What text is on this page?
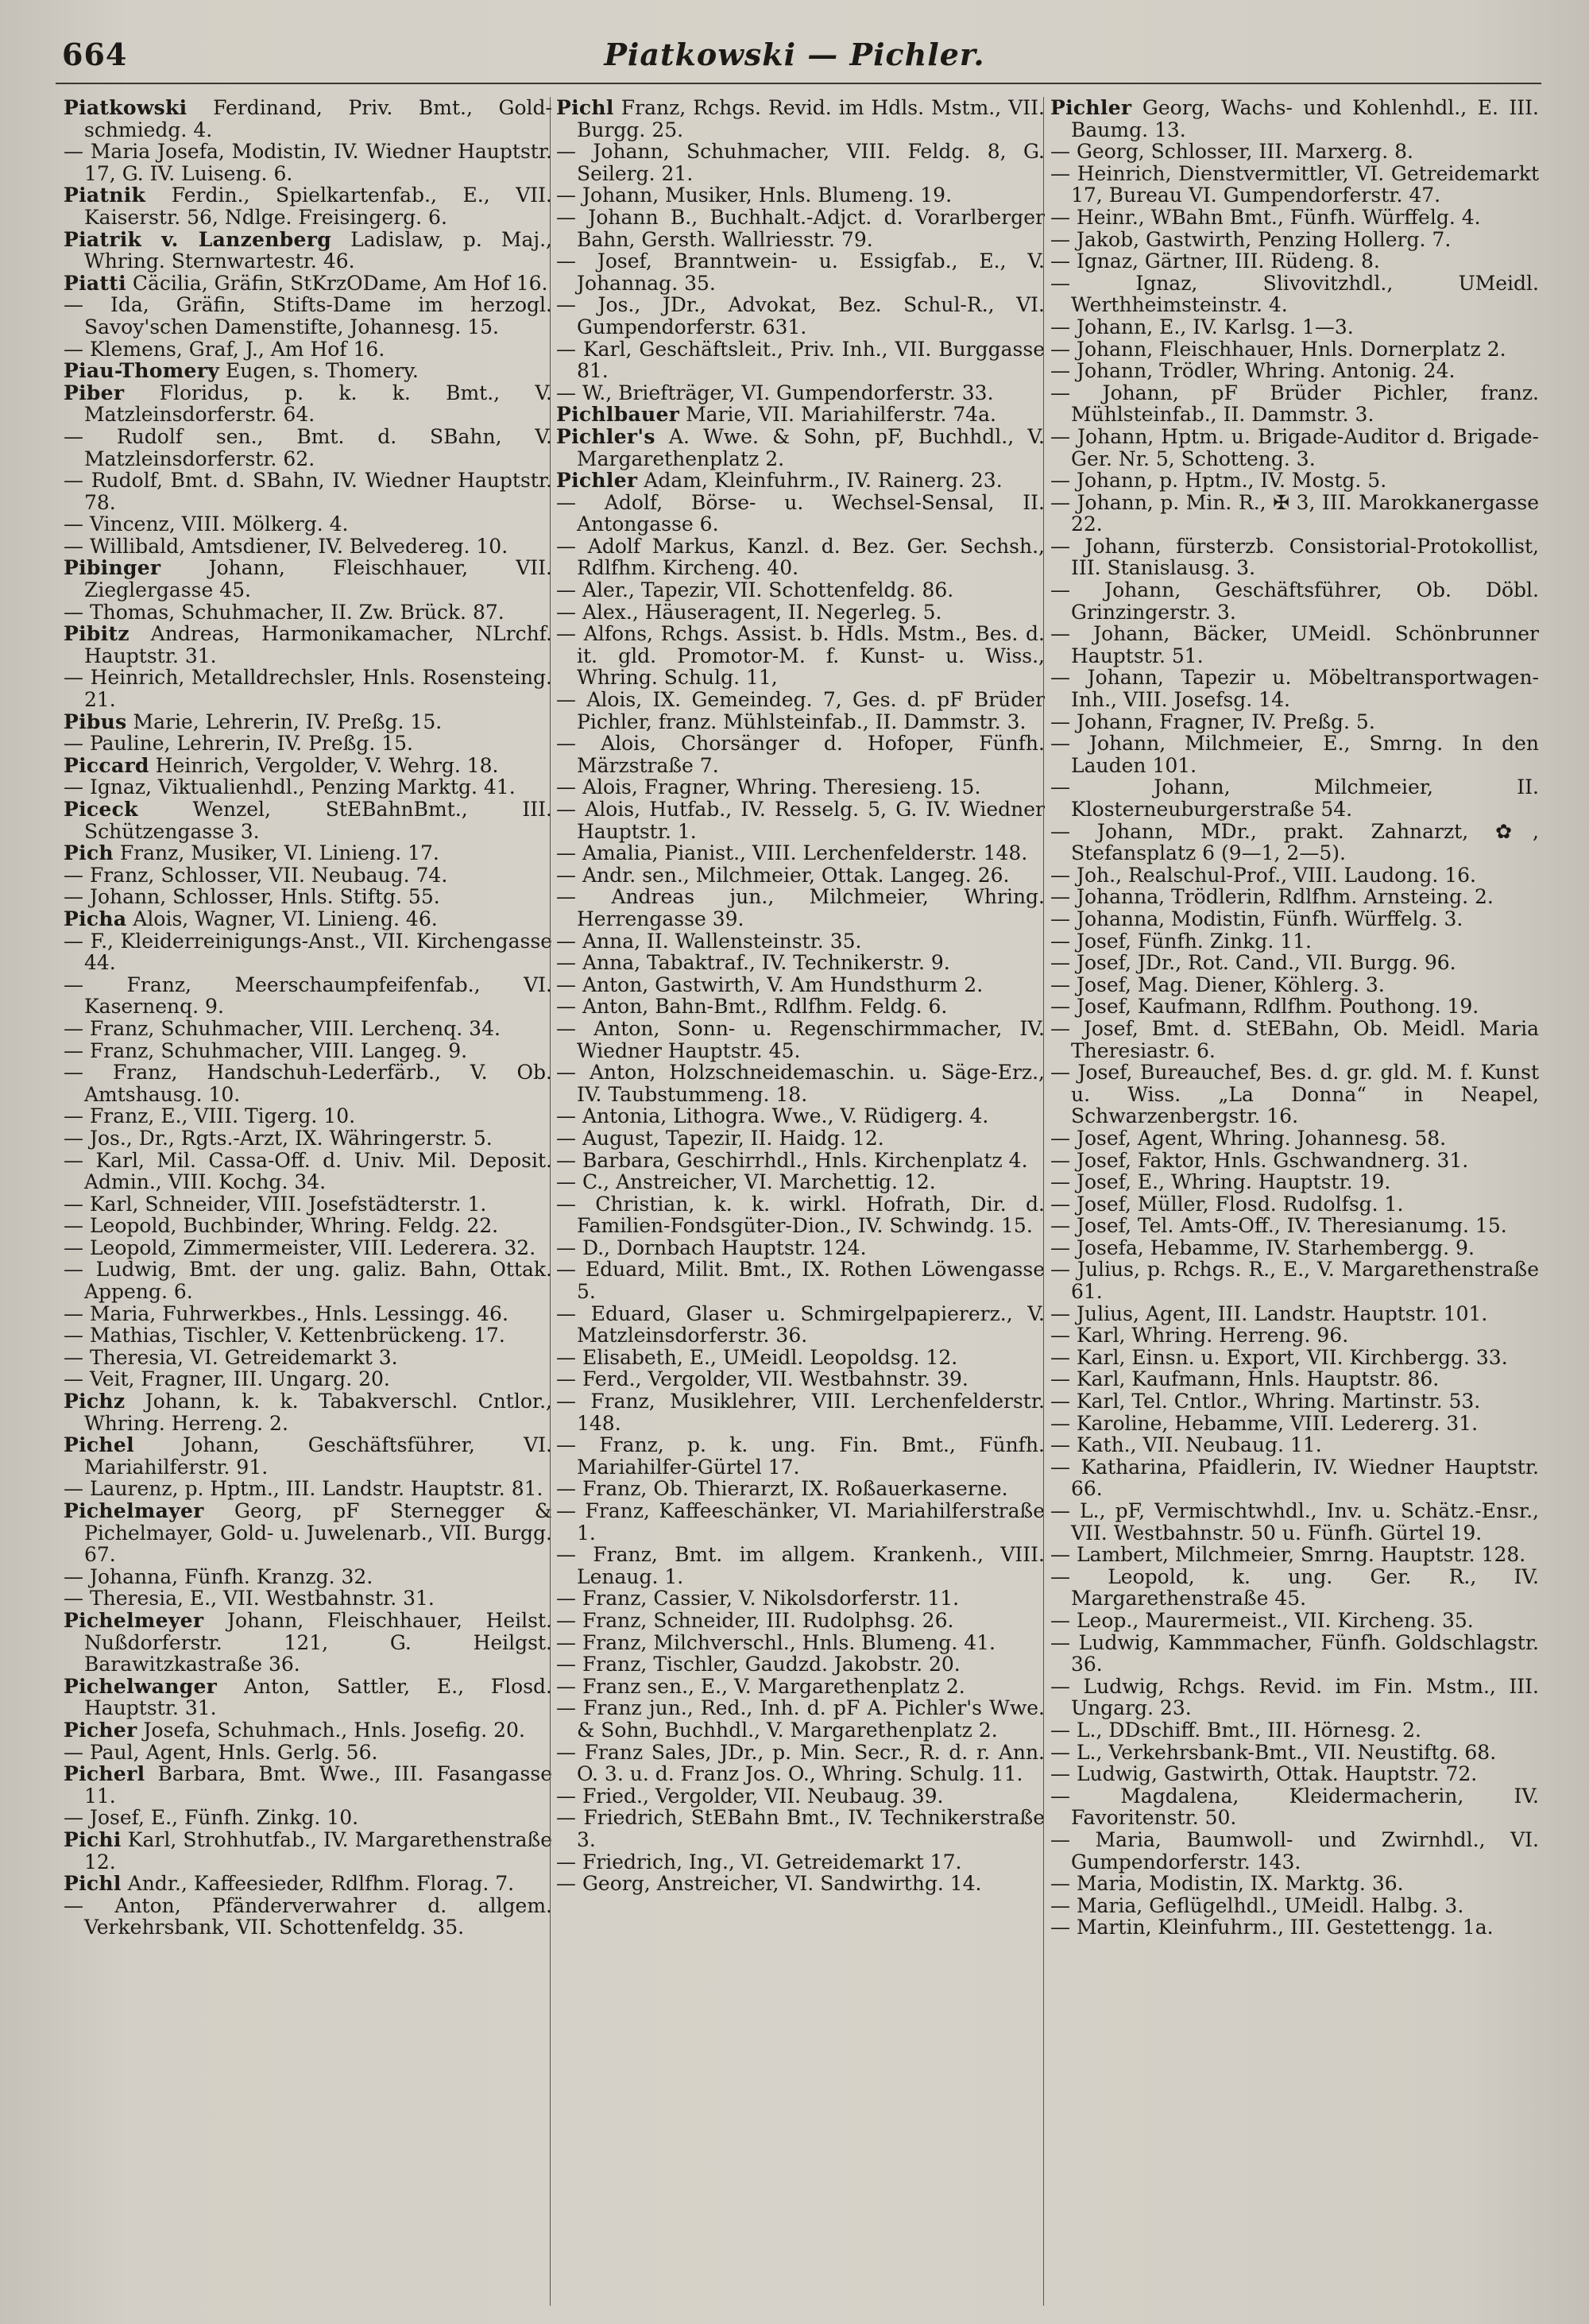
664	Piatkowski — Pichler.

Piatkowski Ferdinand, Priv. Bmt., Gold-schmiedg. 4.

— Maria Josefa, Modistin, IV. Wiedner Hauptstr. 17, G. IV. Luiseng. 6.

Piatnik Ferdin., Spielkartenfab., E., VII. Kaiserstr. 56, Ndlge. Freisingerg. 6.

Piatrik v. Lanzenberg Ladislaw, p. Maj., Whring. Sternwartestr. 46.

Piatti Cäcilia, Gräfin, StKrzODame, Am Hof 16.

— Ida, Gräfin, Stifts-Dame im herzogl. Savoy'schen Damenstifte, Johannesg. 15.

— Klemens, Graf, J., Am Hof 16.

Piau-Thomery Eugen, s. Thomery.

Piber Floridus, p. k. k. Bmt., V. Matzleinsdorferstr. 64.

— Rudolf sen., Bmt. d. SBahn, V. Matzleinsdorferstr. 62.

— Rudolf, Bmt. d. SBahn, IV. Wiedner Hauptstr. 78.

— Vincenz, VIII. Mölkerg. 4.

— Willibald, Amtsdiener, IV. Belvedereg. 10.

Pibinger Johann, Fleischhauer, VII. Zieglergasse 45.

— Thomas, Schuhmacher, II. Zw. Brück. 87.

Pibitz Andreas, Harmonikamacher, NLrchf. Hauptstr. 31.

— Heinrich, Metalldrechsler, Hnls. Rosensteing. 21.

Pibus Marie, Lehrerin, IV. Preßg. 15.

— Pauline, Lehrerin, IV. Preßg. 15.

Piccard Heinrich, Vergolder, V. Wehrg. 18.

— Ignaz, Viktualienhdl., Penzing Marktg. 41.

Piceck	Wenzel, StEBahnBmt., III. Schützengasse 3.

Pich Franz, Musiker, VI. Linieng. 17.

— Franz, Schlosser, VII. Neubaug. 74.

— Johann, Schlosser, Hnls. Stiftg. 55.

Picha Alois, Wagner, VI. Linieng. 46.

— F., Kleiderreinigungs-Anst., VII. Kirchengasse 44.

— Franz, Meerschaumpfeifenfab., VI. Kasernenq. 9.

— Franz, Schuhmacher, VIII. Lerchenq. 34.

— Franz, Schuhmacher, VIII. Langeg. 9.

— Franz, Handschuh-Lederfärb., V. Ob. Amtshausg. 10.

— Franz, E., VIII. Tigerg. 10.

— Jos., Dr., Rgts.-Arzt, IX. Währingerstr. 5.

— Karl, Mil. Cassa-Off. d. Univ. Mil. Deposit. Admin., VIII. Kochg. 34.

— Karl, Schneider, VIII. Josefstädterstr. 1.

— Leopold, Buchbinder, Whring. Feldg. 22.

— Leopold, Zimmermeister, VIII. Lederera. 32.

— Ludwig, Bmt. der ung. galiz. Bahn, Ottak. Appeng. 6.

— Maria, Fuhrwerkbes., Hnls. Lessingg. 46.

— Mathias, Tischler, V. Kettenbrückeng. 17.

— Theresia, VI. Getreidemarkt 3.

— Veit, Fragner, III. Ungarg. 20.

Pichz Johann, k. k. Tabakverschl. Cntlor., Whring. Herreng. 2.

Pichel Johann, Geschäftsführer, VI. Mariahilferstr. 91.

— Laurenz, p. Hptm., III. Landstr. Hauptstr. 81.

Pichelmayer Georg, pF Sternegger & Pichelmayer, Gold- u. Juwelenarb., VII. Burgg. 67.

— Johanna, Fünfh. Kranzg. 32.

— Theresia, E., VII. Westbahnstr. 31.

Pichelmeyer Johann, Fleischhauer, Heilst. Nußdorferstr. 121, G. Heilgst. Barawitzkastraße 36.

Pichelwanger Anton, Sattler, E., Flosd. Hauptstr. 31.

Picher Josefa, Schuhmach., Hnls. Josefig. 20.

— Paul, Agent, Hnls. Gerlg. 56.

Picherl Barbara, Bmt. Wwe., III. Fasangasse 11.

— Josef, E., Fünfh. Zinkg. 10.

Pichi Karl, Strohhutfab., IV. Margarethenstraße 12.

Pichl Andr., Kaffeesieder, Rdlfhm. Florag. 7.

— Anton, Pfänderverwahrer d. allgem. Verkehrsbank, VII. Schottenfeldg. 35.

Pichl Franz, Rchgs. Revid. im Hdls. Mstm., VII. Burgg. 25.

— Johann, Schuhmacher, VIII. Feldg. 8, G. Seilerg. 21.

— Johann, Musiker, Hnls. Blumeng. 19.

— Johann B., Buchhalt.-Adjct. d. Vorarlberger Bahn, Gersth. Wallriesstr. 79.

— Josef, Branntwein- u. Essigfab., E., V. Johannag. 35.

— Jos., JDr., Advokat, Bez. Schul-R., VI. Gumpendorferstr. 631.

— Karl, Geschäftsleit., Priv. Inh., VII. Burggasse 81.

— W., Briefträger, VI. Gumpendorferstr. 33.

Pichlbauer Marie, VII. Mariahilferstr. 74a.

Pichler's A. Wwe. & Sohn, pF, Buchhdl., V. Margarethenplatz 2.

Pichler Adam, Kleinfuhrm., IV. Rainerg. 23.

— Adolf, Börse- u. Wechsel-Sensal, II. Antongasse 6.

— Adolf Markus, Kanzl. d. Bez. Ger. Sechsh., Rdlfhm. Kircheng. 40.

— Aler., Tapezir, VII. Schottenfeldg. 86.

— Alex., Häuseragent, II. Negerleg. 5.

— Alfons, Rchgs. Assist. b. Hdls. Mstm., Bes. d. it. gld. Promotor-M. f. Kunst- u. Wiss., Whring. Schulg. 11,

— Alois, IX. Gemeindeg. 7, Ges. d. pF Brüder Pichler, franz. Mühlsteinfab., II. Dammstr. 3.

— Alois, Chorsänger d. Hofoper, Fünfh. Märzstraße 7.

— Alois, Fragner, Whring. Theresieng. 15.

— Alois, Hutfab., IV. Resselg. 5, G. IV. Wiedner Hauptstr. 1.

— Amalia, Pianist., VIII. Lerchenfelderstr. 148.

— Andr. sen., Milchmeier, Ottak. Langeg. 26.

— Andreas jun., Milchmeier, Whring. Herrengasse 39.

— Anna, II. Wallensteinstr. 35.

— Anna, Tabaktraf., IV. Technikerstr. 9.

— Anton, Gastwirth, V. Am Hundsthurm 2.

— Anton, Bahn-Bmt., Rdlfhm. Feldg. 6.

— Anton, Sonn- u. Regenschirmmacher, IV. Wiedner Hauptstr. 45.

— Anton, Holzschneidemaschin. u. Säge-Erz., IV. Taubstummeng. 18.

— Antonia, Lithogra. Wwe., V. Rüdigerg. 4.

— August, Tapezir, II. Haidg. 12.

— Barbara, Geschirrhdl., Hnls. Kirchenplatz 4.

— C., Anstreicher, VI. Marchettig. 12.

— Christian, k. k. wirkl. Hofrath, Dir. d. Familien-Fondsgüter-Dion., IV. Schwindg. 15.

— D., Dornbach Hauptstr. 124.

— Eduard, Milit. Bmt., IX. Rothen Löwengasse 5.

— Eduard, Glaser u. Schmirgelpapiererz., V. Matzleinsdorferstr. 36.

— Elisabeth, E., UMeidl. Leopoldsg. 12.

— Ferd., Vergolder, VII. Westbahnstr. 39.

— Franz, Musiklehrer, VIII. Lerchenfelderstr. 148.

— Franz, p. k. ung. Fin. Bmt., Fünfh. Mariahilfer-Gürtel 17.

— Franz, Ob. Thierarzt, IX. Roßauerkaserne.

— Franz, Kaffeeschänker, VI. Mariahilferstraße 1.

— Franz, Bmt. im allgem. Krankenh., VIII. Lenaug. 1.

— Franz, Cassier, V. Nikolsdorferstr. 11.

— Franz, Schneider, III. Rudolphsg. 26.

— Franz, Milchverschl., Hnls. Blumeng. 41.

— Franz, Tischler, Gaudzd. Jakobstr. 20.

— Franz sen., E., V. Margarethenplatz 2.

— Franz jun., Red., Inh. d. pF A. Pichler's Wwe. & Sohn, Buchhdl., V. Margarethenplatz 2.

— Franz Sales, JDr., p. Min. Secr., R. d. r. Ann. O. 3. u. d. Franz Jos. O., Whring. Schulg. 11.

— Fried., Vergolder, VII. Neubaug. 39.

— Friedrich, StEBahn Bmt., IV. Technikerstraße 3.

— Friedrich, Ing., VI. Getreidemarkt 17.

— Georg, Anstreicher, VI. Sandwirthg. 14.

Pichler Georg, Wachs- und Kohlenhdl., E. III. Baumg. 13.

— Georg, Schlosser, III. Marxerg. 8.

— Heinrich, Dienstvermittler, VI. Getreidemarkt 17, Bureau VI. Gumpendorferstr. 47.

— Heinr., WBahn Bmt., Fünfh. Würffelg. 4.

— Jakob, Gastwirth, Penzing Hollerg. 7.

— Ignaz, Gärtner, III. Rüdeng. 8.

— Ignaz, Slivovitzhdl., UMeidl. Werthheimsteinstr. 4.

— Johann, E., IV. Karlsg. 1—3.

— Johann, Fleischhauer, Hnls. Dornerplatz 2.

— Johann, Trödler, Whring. Antonig. 24.

— Johann, pF Brüder Pichler, franz. Mühlsteinfab., II. Dammstr. 3.

— Johann, Hptm. u. Brigade-Auditor d. Brigade-Ger. Nr. 5, Schotteng. 3.

— Johann, p. Hptm., IV. Mostg. 5.

— Johann, p. Min. R., ✠ 3, III. Marokkanergasse 22.

— Johann, fürsterzb. Consistorial-Protokollist, III. Stanislausg. 3.

— Johann, Geschäftsführer, Ob. Döbl. Grinzingerstr. 3.

— Johann, Bäcker, UMeidl. Schönbrunner Hauptstr. 51.

— Johann, Tapezir u. Möbeltransportwagen-Inh., VIII. Josefsg. 14.

— Johann, Fragner, IV. Preßg. 5.

— Johann, Milchmeier, E., Smrng. In den Lauden 101.

— Johann, Milchmeier, II. Klosterneuburgerstraße 54.

— Johann, MDr., prakt. Zahnarzt, ✿, Stefansplatz 6 (9—1, 2—5).

— Joh., Realschul-Prof., VIII. Laudong. 16.

— Johanna, Trödlerin, Rdlfhm. Arnsteing. 2.

— Johanna, Modistin, Fünfh. Würffelg. 3.

— Josef, Fünfh. Zinkg. 11.

— Josef, JDr., Rot. Cand., VII. Burgg. 96.

— Josef, Mag. Diener, Köhlerg. 3.

— Josef, Kaufmann, Rdlfhm. Pouthong. 19.

— Josef, Bmt. d. StEBahn, Ob. Meidl. Maria Theresiastr. 6.

— Josef, Bureauchef, Bes. d. gr. gld. M. f. Kunst u. Wiss. „La Donna“ in Neapel, Schwarzenbergstr. 16.

— Josef, Agent, Whring. Johannesg. 58.

— Josef, Faktor, Hnls. Gschwandnerg. 31.

— Josef, E., Whring. Hauptstr. 19.

— Josef, Müller, Flosd. Rudolfsg. 1.

— Josef, Tel. Amts-Off., IV. Theresianumg. 15.

— Josefa, Hebamme, IV. Starhembergg. 9.

— Julius, p. Rchgs. R., E., V. Margarethenstraße 61.

— Julius, Agent, III. Landstr. Hauptstr. 101.

— Karl, Whring. Herreng. 96.

— Karl, Einsn. u. Export, VII. Kirchbergg. 33.

— Karl, Kaufmann, Hnls. Hauptstr. 86.

— Karl, Tel. Cntlor., Whring. Martinstr. 53.

— Karoline, Hebamme, VIII. Ledererg. 31.

— Kath., VII. Neubaug. 11.

— Katharina, Pfaidlerin, IV. Wiedner Hauptstr. 66.

— L., pF, Vermischtwhdl., Inv. u. Schätz.-Ensr., VII. Westbahnstr. 50 u. Fünfh. Gürtel 19.

— Lambert, Milchmeier, Smrng. Hauptstr. 128.

— Leopold, k. ung. Ger. R., IV. Margarethenstraße 45.

— Leop., Maurermeist., VII. Kircheng. 35.

— Ludwig, Kammmacher, Fünfh. Goldschlagstr. 36.

— Ludwig, Rchgs. Revid. im Fin. Mstm., III. Ungarg. 23.

— L., DDschiff. Bmt., III. Hörnesg. 2.

— L., Verkehrsbank-Bmt., VII. Neustiftg. 68.

— Ludwig, Gastwirth, Ottak. Hauptstr. 72.

— Magdalena, Kleidermacherin, IV. Favoritenstr. 50.

— Maria, Baumwoll- und Zwirnhdl., VI. Gumpendorferstr. 143.

— Maria, Modistin, IX. Marktg. 36.

— Maria, Geflügelhdl., UMeidl. Halbg. 3.

— Martin, Kleinfuhrm., III. Gestettengg. 1a.
